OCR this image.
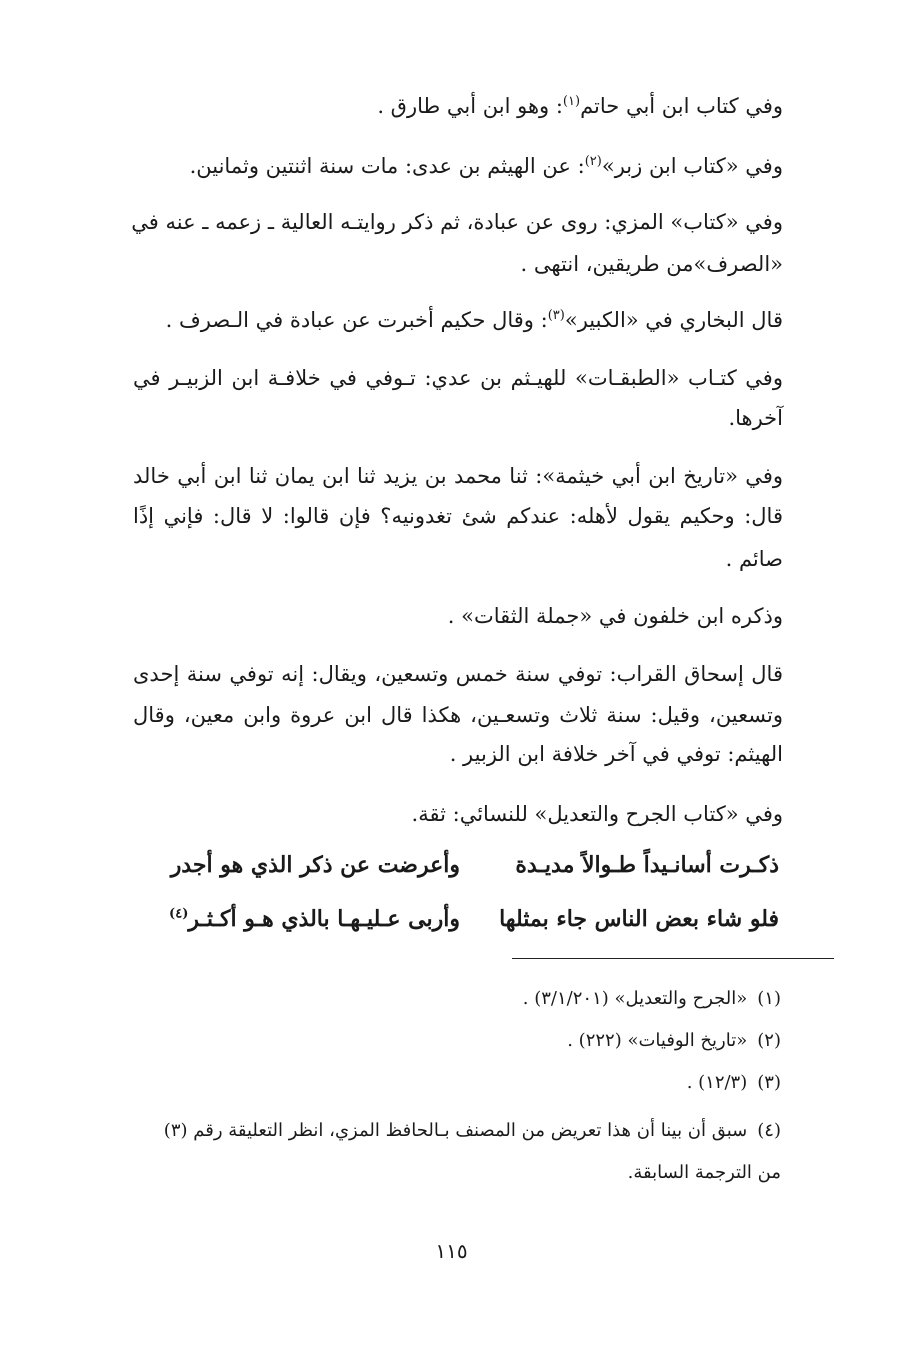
وفي كتاب ابن أبي حاتم$^{(١)}$: وهو ابن أبي طارق .
وفي «كتاب ابن زبر»$^{(٢)}$: عن الهيثم بن عدى: مات سنة اثنتين وثمانين.
وفي «كتاب» المزي: روى عن عبادة، ثم ذكر روايتـه العالية ـ زعمه ـ عنه في
«الصرف»من طريقين، انتهى .
قال البخاري في «الكبير»$^{(٣)}$: وقال حكيم أخبرت عن عبادة في الـصرف .
وفي كتـاب «الطبقـات» للهيـثم بن عدي: تـوفي في خلافـة ابن الزبيـر في
آخرها.
وفي «تاريخ ابن أبي خيثمة»: ثنا محمد بن يزيد ثنا ابن يمان ثنا ابن أبي خالد
قال: وحكيم يقول لأهله: عندكم شئ تغدونيه؟ فإن قالوا: لا قال: فإني إذًا
صائم .
وذكره ابن خلفون في «جملة الثقات» .
قال إسحاق القراب: توفي سنة خمس وتسعين، ويقال: إنه توفي سنة إحدى
وتسعين، وقيل: سنة ثلاث وتسعـين، هكذا قال ابن عروة وابن معين، وقال
الهيثم: توفي في آخر خلافة ابن الزبير .
وفي «كتاب الجرح والتعديل» للنسائي: ثقة.
ذكـرت أسانـيداً طـوالاً مديـدة
وأعرضت عن ذكر الذي هو أجدر
فلو شاء بعض الناس جاء بمثلها
وأربى عـليـهـا بالذي هـو أكـثـر$^{(٤)}$
(١)«الجرح والتعديل» (٣/١/٢٠١) .
(٢)«تاريخ الوفيات» (٢٢٢) .
(٣)(١٢/٣) .
(٤)سبق أن بينا أن هذا تعريض من المصنف بـالحافظ المزي، انظر التعليقة رقم (٣)
من الترجمة السابقة.
١١٥
